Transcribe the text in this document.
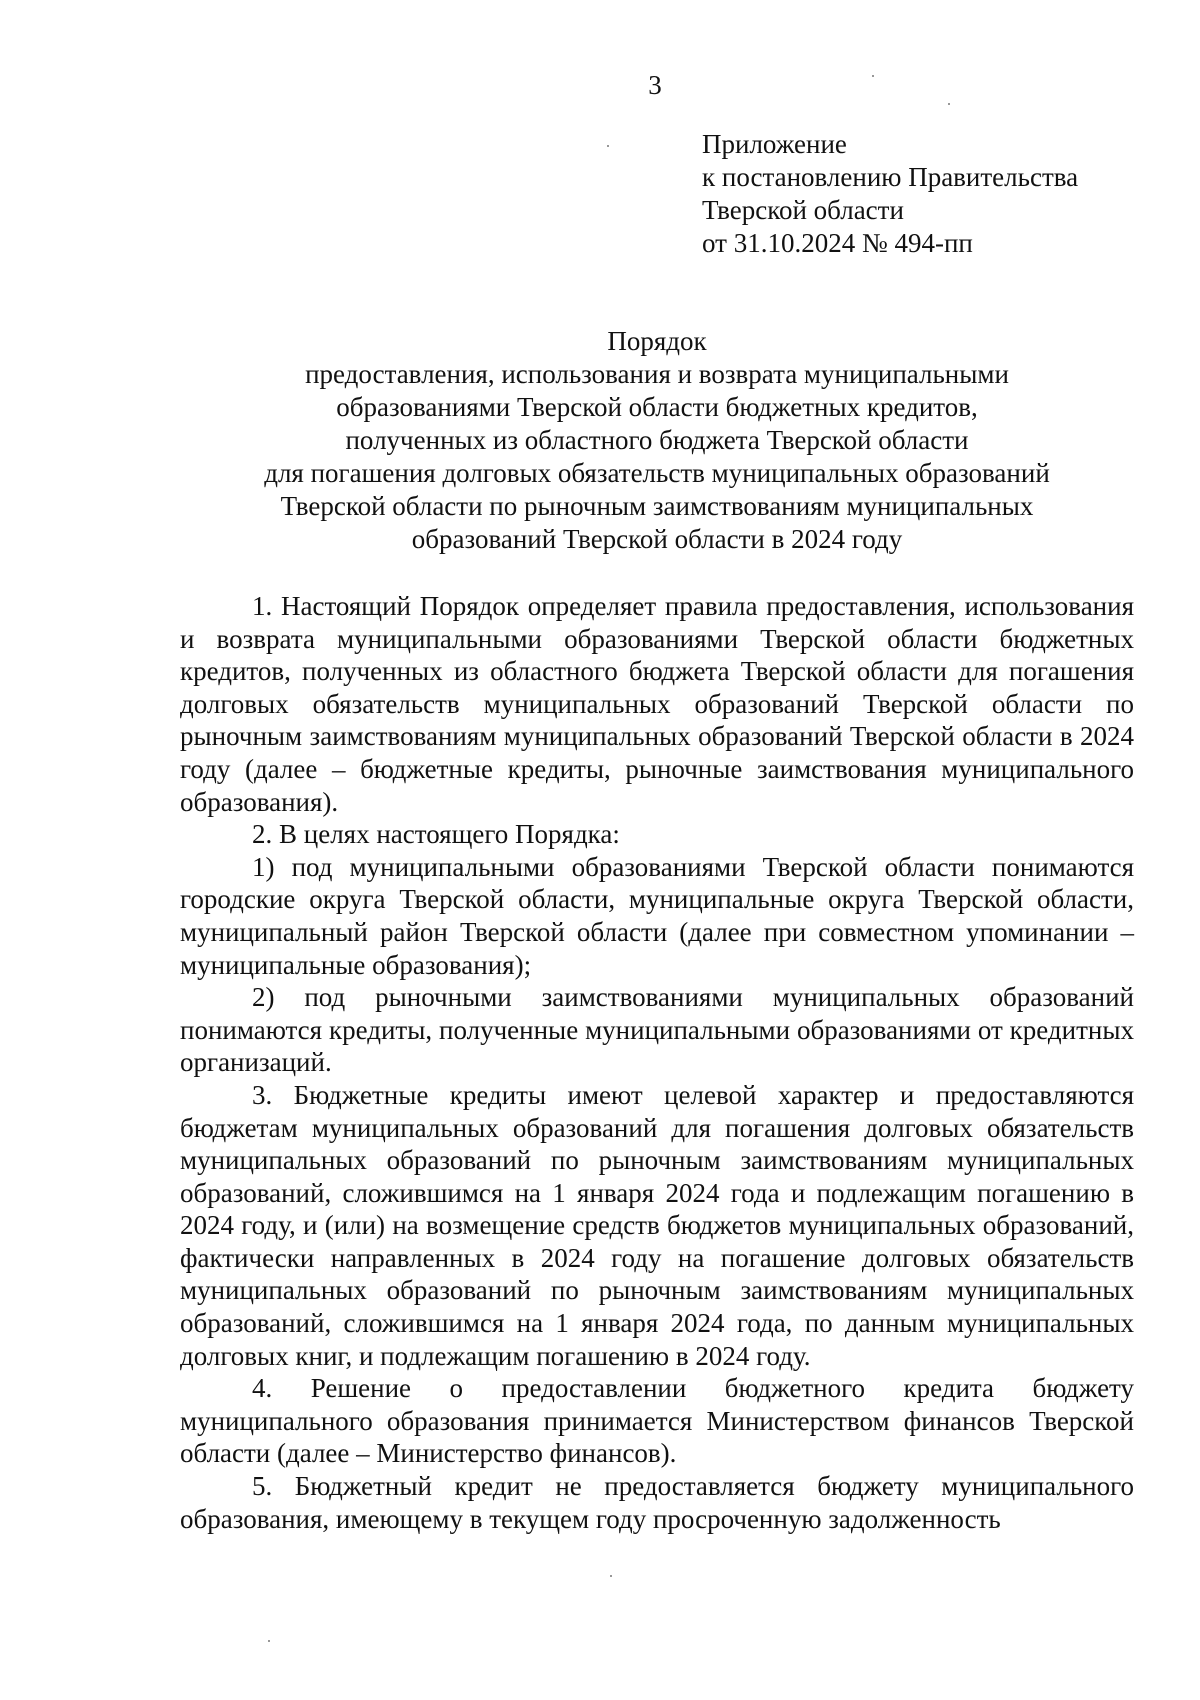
3
Приложение
к постановлению Правительства
Тверской области
от 31.10.2024 № 494-пп
Порядок
предоставления, использования и возврата муниципальными
образованиями Тверской области бюджетных кредитов,
полученных из областного бюджета Тверской области
для погашения долговых обязательств муниципальных образований
Тверской области по рыночным заимствованиям муниципальных
образований Тверской области в 2024 году

1. Настоящий Порядок определяет правила предоставления, использования и возврата муниципальными образованиями Тверской области бюджетных кредитов, полученных из областного бюджета Тверской области для погашения долговых обязательств муниципальных образований Тверской области по рыночным заимствованиям муниципальных образований Тверской области в 2024 году (далее – бюджетные кредиты, рыночные заимствования муниципального образования).

2. В целях настоящего Порядка:

1) под муниципальными образованиями Тверской области понимаются городские округа Тверской области, муниципальные округа Тверской области, муниципальный район Тверской области (далее при совместном упоминании – муниципальные образования);

2) под рыночными заимствованиями муниципальных образований понимаются кредиты, полученные муниципальными образованиями от кредитных организаций.

3. Бюджетные кредиты имеют целевой характер и предоставляются бюджетам муниципальных образований для погашения долговых обязательств муниципальных образований по рыночным заимствованиям муниципальных образований, сложившимся на 1 января 2024 года и подлежащим погашению в 2024 году, и (или) на возмещение средств бюджетов муниципальных образований, фактически направленных в 2024 году на погашение долговых обязательств муниципальных образований по рыночным заимствованиям муниципальных образований, сложившимся на 1 января 2024 года, по данным муниципальных долговых книг, и подлежащим погашению в 2024 году.

4. Решение о предоставлении бюджетного кредита бюджету муниципального образования принимается Министерством финансов Тверской области (далее – Министерство финансов).

5. Бюджетный кредит не предоставляется бюджету муниципального образования, имеющему в текущем году просроченную задолженность
